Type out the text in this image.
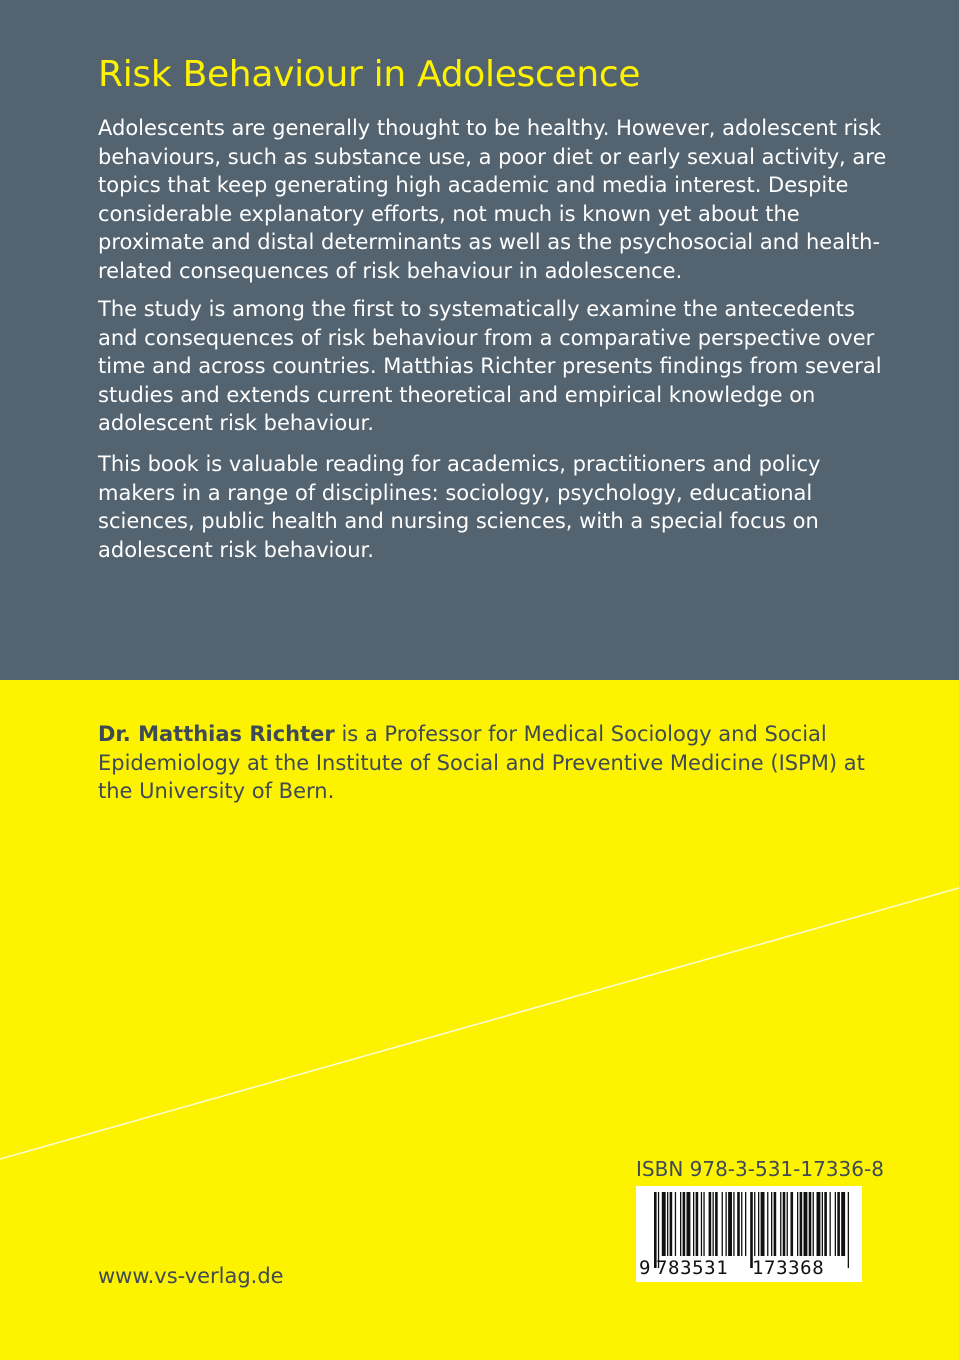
Risk Behaviour in Adolescence

Adolescents are generally thought to be healthy. However, adolescent risk behaviours, such as substance use, a poor diet or early sexual activity, are topics that keep generating high academic and media interest. Despite considerable explanatory efforts, not much is known yet about the proximate and distal determinants as well as the psychosocial and health-related consequences of risk behaviour in adolescence.

The study is among the first to systematically examine the antecedents and consequences of risk behaviour from a comparative perspective over time and across countries. Matthias Richter presents findings from several studies and extends current theoretical and empirical knowledge on adolescent risk behaviour.

This book is valuable reading for academics, practitioners and policy makers in a range of disciplines: sociology, psychology, educational sciences, public health and nursing sciences, with a special focus on adolescent risk behaviour.

Dr. Matthias Richter is a Professor for Medical Sociology and Social Epidemiology at the Institute of Social and Preventive Medicine (ISPM) at the University of Bern.

ISBN 978-3-531-17336-8

9 783531 173368

www.vs-verlag.de
